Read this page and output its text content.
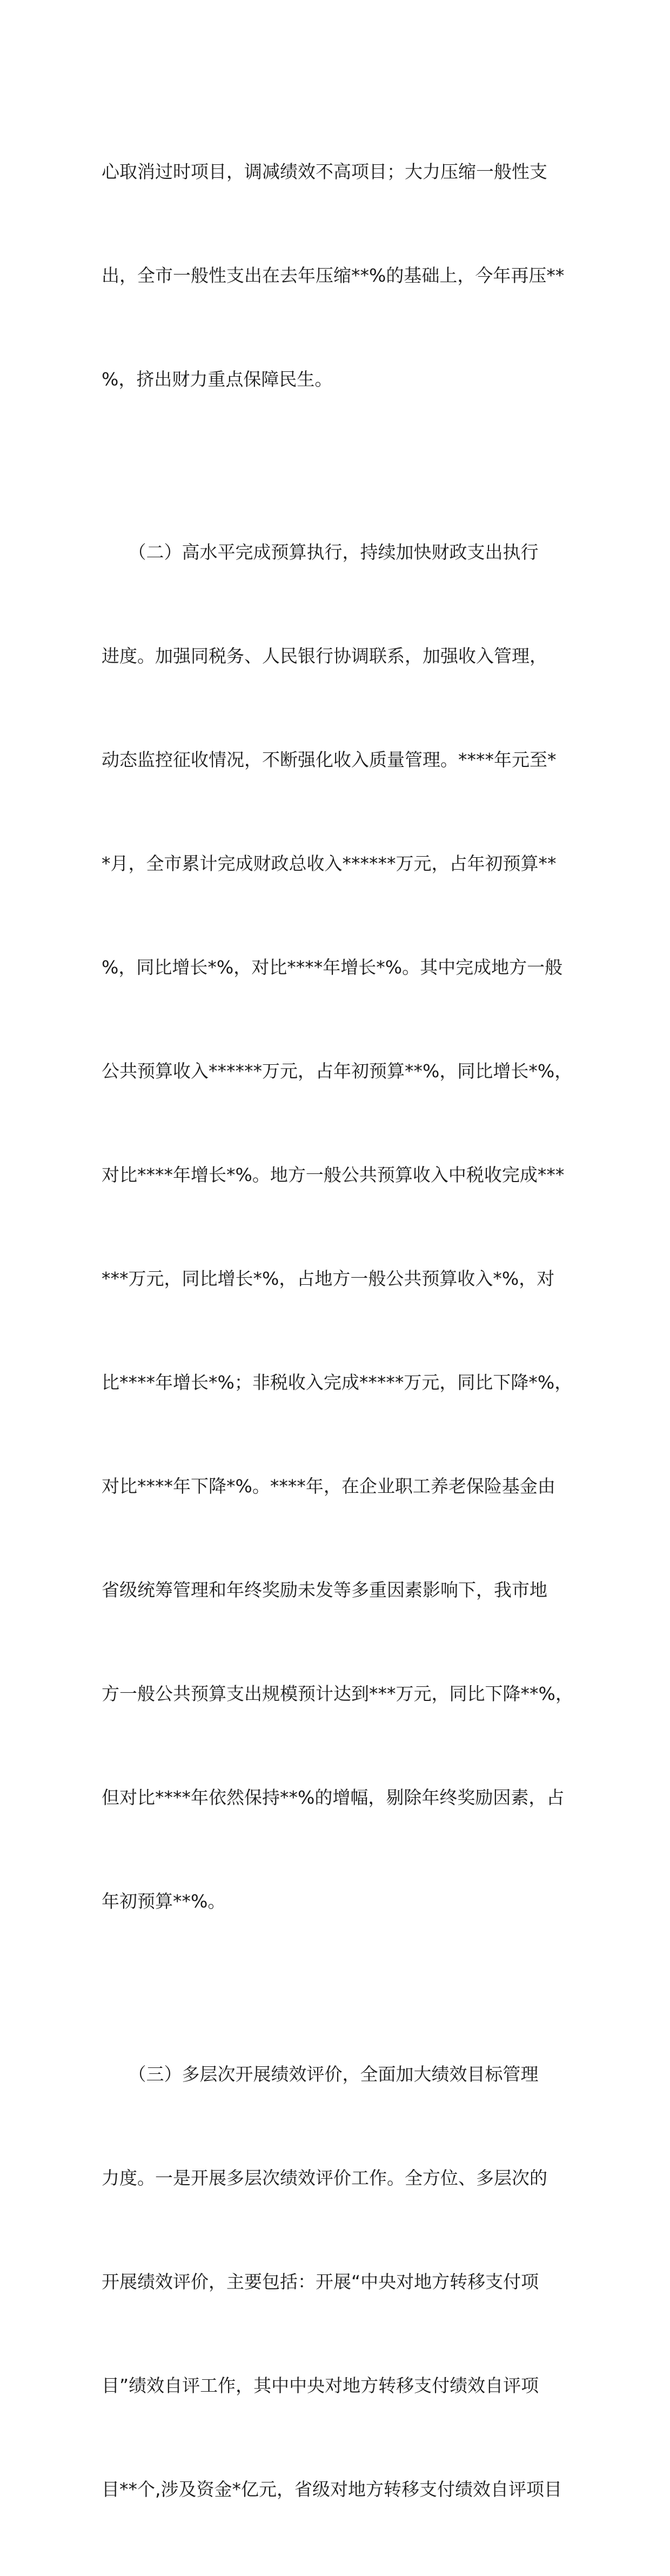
心取消过时项目，调减绩效不高项目；大力压缩一般性支

出，全市一般性支出在去年压缩**%的基础上，今年再压**

%，挤出财力重点保障民生。

　　（二）高水平完成预算执行，持续加快财政支出执行

进度。加强同税务、人民银行协调联系，加强收入管理，

动态监控征收情况，不断强化收入质量管理。****年元至*

*月，全市累计完成财政总收入******万元，占年初预算**

%，同比增长*%，对比****年增长*%。其中完成地方一般

公共预算收入******万元，占年初预算**%，同比增长*%，

对比****年增长*%。地方一般公共预算收入中税收完成***

***万元，同比增长*%，占地方一般公共预算收入*%，对

比****年增长*%；非税收入完成*****万元，同比下降*%，

对比****年下降*%。****年，在企业职工养老保险基金由

省级统筹管理和年终奖励未发等多重因素影响下，我市地

方一般公共预算支出规模预计达到***万元，同比下降**%，

但对比****年依然保持**%的增幅，剔除年终奖励因素，占

年初预算**%。

　　（三）多层次开展绩效评价，全面加大绩效目标管理

力度。一是开展多层次绩效评价工作。全方位、多层次的

开展绩效评价，主要包括：开展“中央对地方转移支付项

目”绩效自评工作，其中中央对地方转移支付绩效自评项

目**个,涉及资金*亿元，省级对地方转移支付绩效自评项目
